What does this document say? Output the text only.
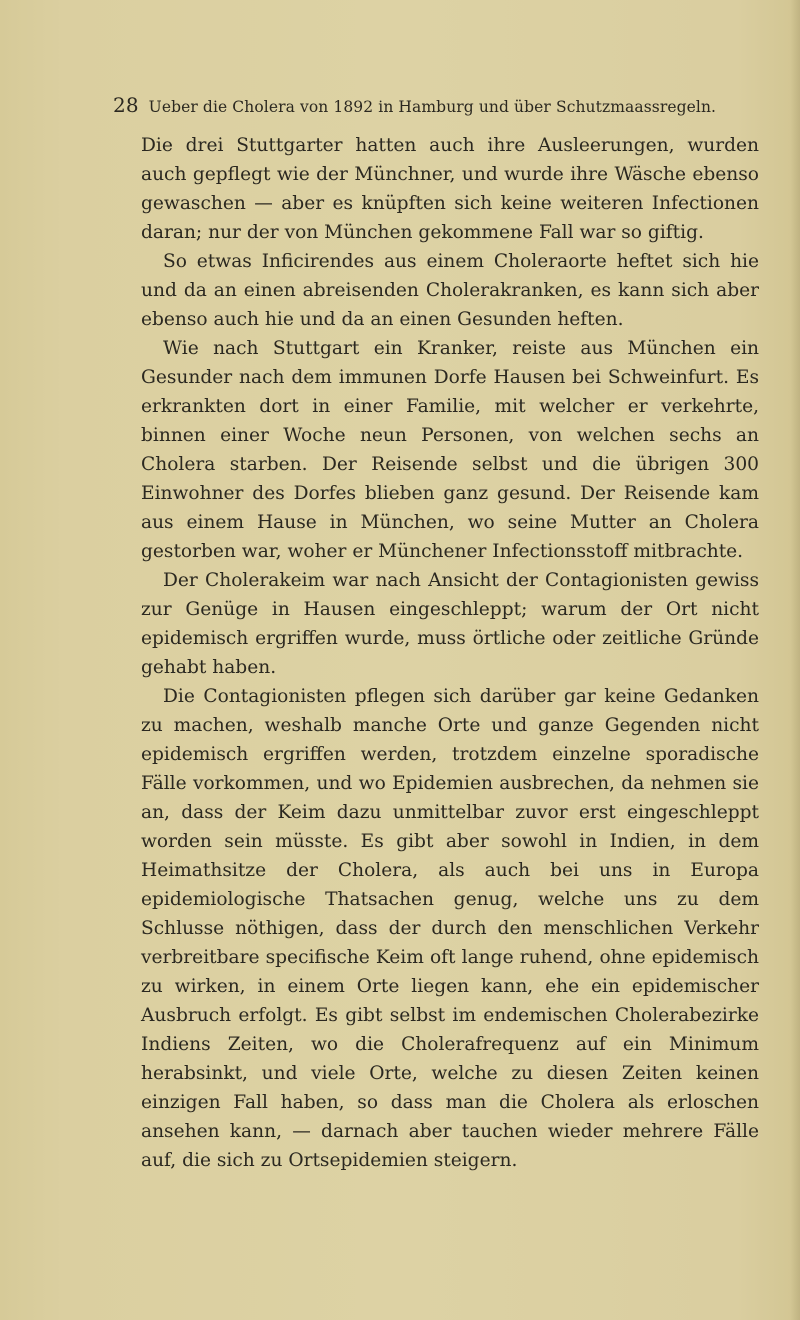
28 Ueber die Cholera von 1892 in Hamburg und über Schutzmaassregeln.

Die drei Stuttgarter hatten auch ihre Ausleerungen, wurden auch gepflegt wie der Münchner, und wurde ihre Wäsche ebenso gewaschen — aber es knüpften sich keine weiteren Infectionen daran; nur der von München gekommene Fall war so giftig.

So etwas Inficirendes aus einem Choleraorte heftet sich hie und da an einen abreisenden Cholerakranken, es kann sich aber ebenso auch hie und da an einen Gesunden heften.

Wie nach Stuttgart ein Kranker, reiste aus München ein Gesunder nach dem immunen Dorfe Hausen bei Schweinfurt. Es erkrankten dort in einer Familie, mit welcher er verkehrte, binnen einer Woche neun Personen, von welchen sechs an Cholera starben. Der Reisende selbst und die übrigen 300 Einwohner des Dorfes blieben ganz gesund. Der Reisende kam aus einem Hause in München, wo seine Mutter an Cholera gestorben war, woher er Münchener Infectionsstoff mitbrachte.

Der Cholerakeim war nach Ansicht der Contagionisten gewiss zur Genüge in Hausen eingeschleppt; warum der Ort nicht epidemisch ergriffen wurde, muss örtliche oder zeitliche Gründe gehabt haben.

Die Contagionisten pflegen sich darüber gar keine Gedanken zu machen, weshalb manche Orte und ganze Gegenden nicht epidemisch ergriffen werden, trotzdem einzelne sporadische Fälle vorkommen, und wo Epidemien ausbrechen, da nehmen sie an, dass der Keim dazu unmittelbar zuvor erst eingeschleppt worden sein müsste. Es gibt aber sowohl in Indien, in dem Heimathsitze der Cholera, als auch bei uns in Europa epidemiologische Thatsachen genug, welche uns zu dem Schlusse nöthigen, dass der durch den menschlichen Verkehr verbreitbare specifische Keim oft lange ruhend, ohne epidemisch zu wirken, in einem Orte liegen kann, ehe ein epidemischer Ausbruch erfolgt. Es gibt selbst im endemischen Cholerabezirke Indiens Zeiten, wo die Cholerafrequenz auf ein Minimum herabsinkt, und viele Orte, welche zu diesen Zeiten keinen einzigen Fall haben, so dass man die Cholera als erloschen ansehen kann, — darnach aber tauchen wieder mehrere Fälle auf, die sich zu Ortsepidemien steigern.
